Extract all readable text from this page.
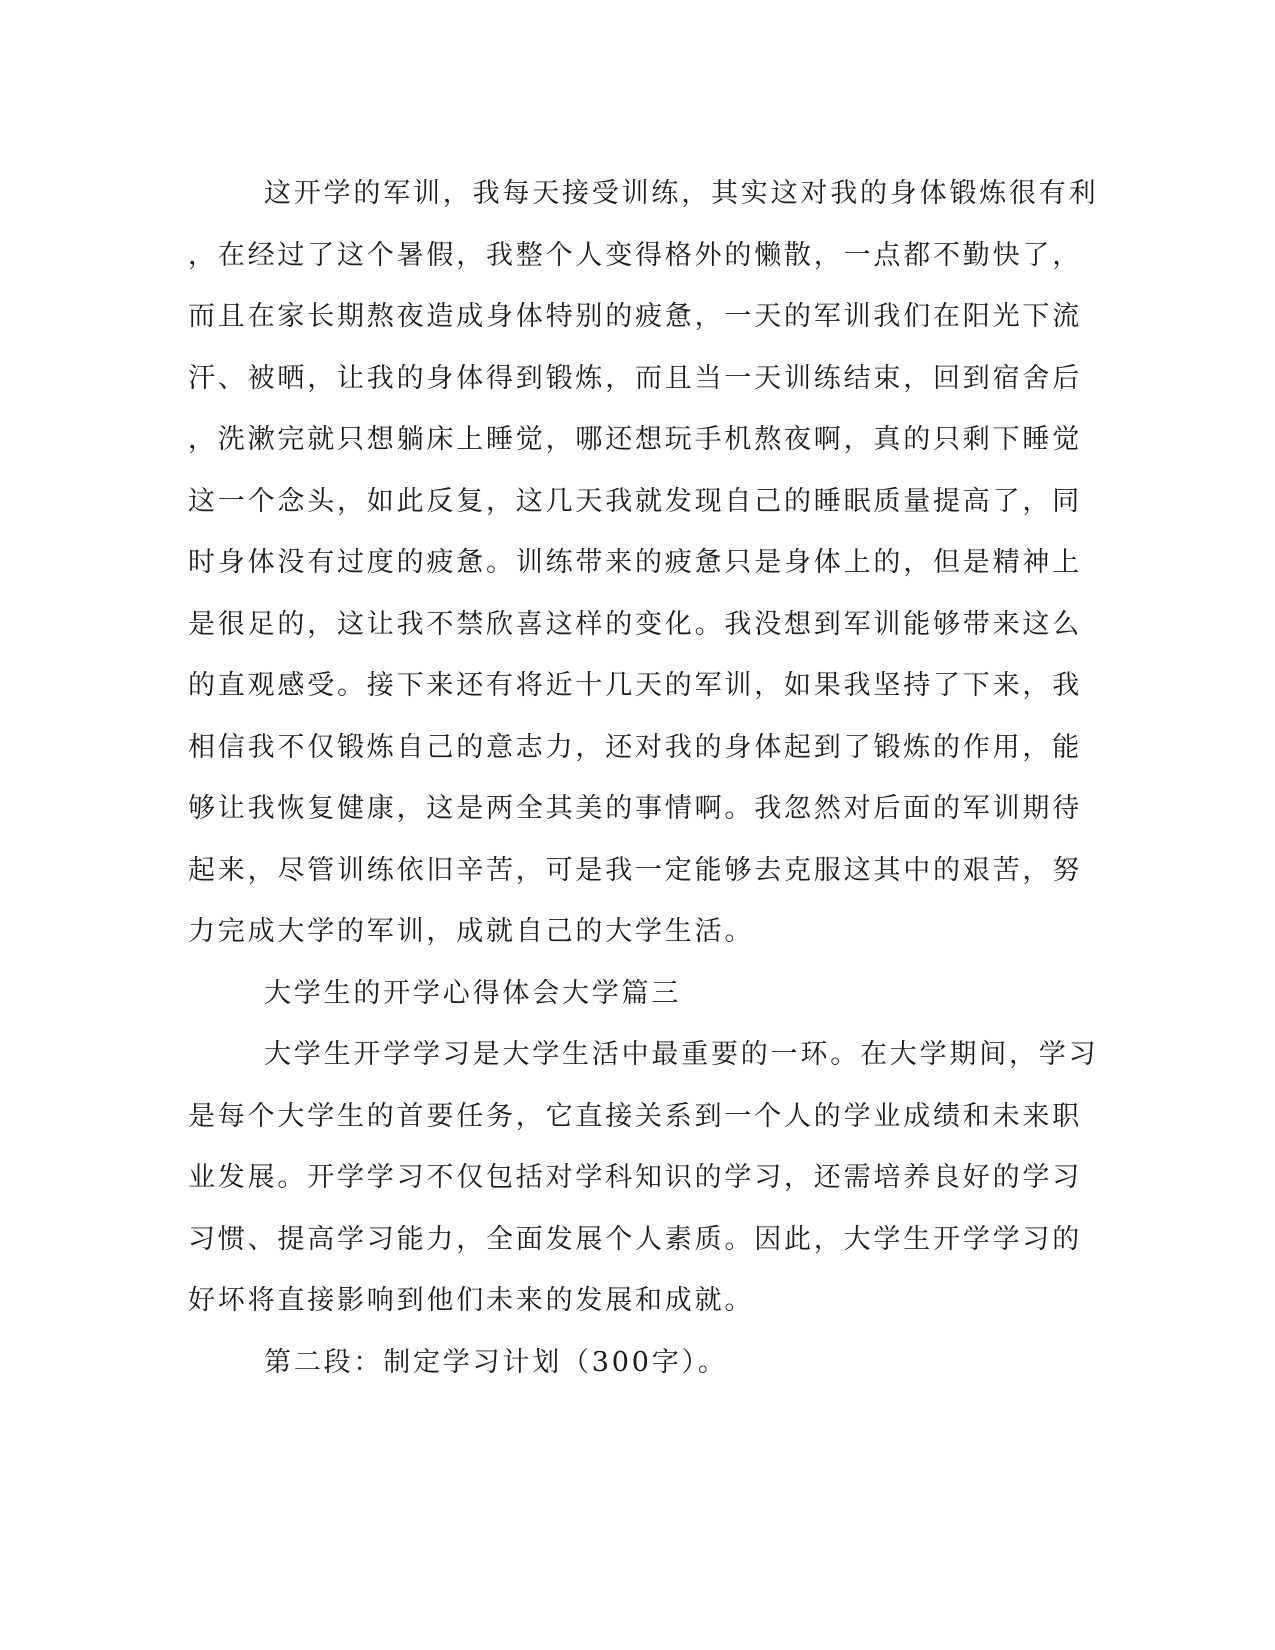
这开学的军训，我每天接受训练，其实这对我的身体锻炼很有利
，在经过了这个暑假，我整个人变得格外的懒散，一点都不勤快了，
而且在家长期熬夜造成身体特别的疲惫，一天的军训我们在阳光下流
汗、被晒，让我的身体得到锻炼，而且当一天训练结束，回到宿舍后
，洗漱完就只想躺床上睡觉，哪还想玩手机熬夜啊，真的只剩下睡觉
这一个念头，如此反复，这几天我就发现自己的睡眠质量提高了，同
时身体没有过度的疲惫。训练带来的疲惫只是身体上的，但是精神上
是很足的，这让我不禁欣喜这样的变化。我没想到军训能够带来这么
的直观感受。接下来还有将近十几天的军训，如果我坚持了下来，我
相信我不仅锻炼自己的意志力，还对我的身体起到了锻炼的作用，能
够让我恢复健康，这是两全其美的事情啊。我忽然对后面的军训期待
起来，尽管训练依旧辛苦，可是我一定能够去克服这其中的艰苦，努
力完成大学的军训，成就自己的大学生活。
大学生的开学心得体会大学篇三
大学生开学学习是大学生活中最重要的一环。在大学期间，学习
是每个大学生的首要任务，它直接关系到一个人的学业成绩和未来职
业发展。开学学习不仅包括对学科知识的学习，还需培养良好的学习
习惯、提高学习能力，全面发展个人素质。因此，大学生开学学习的
好坏将直接影响到他们未来的发展和成就。
第二段：制定学习计划（300字）。
